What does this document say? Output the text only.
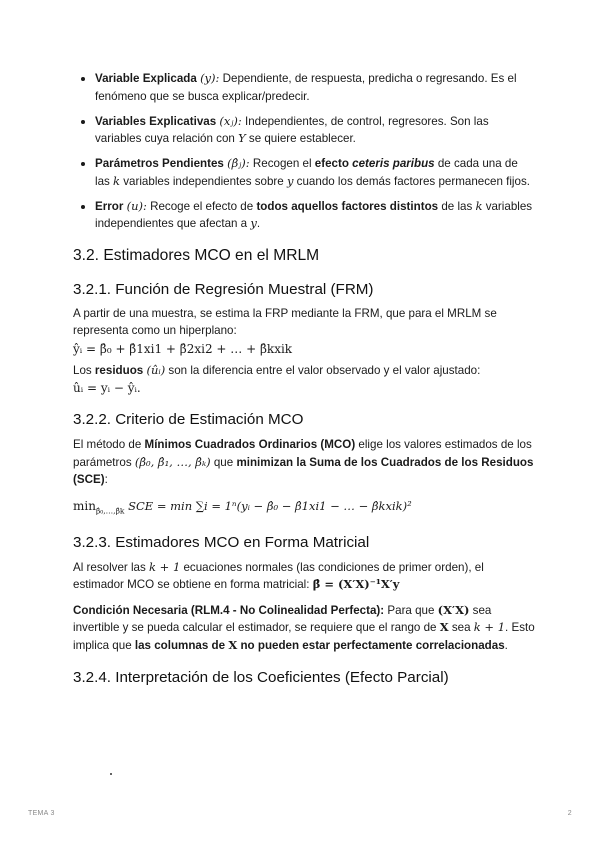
Variable Explicada (y): Dependiente, de respuesta, predicha o regresando. Es el fenómeno que se busca explicar/predecir.
Variables Explicativas (xⱼ): Independientes, de control, regresores. Son las variables cuya relación con Y se quiere establecer.
Parámetros Pendientes (β̂ⱼ): Recogen el efecto ceteris paribus de cada una de las k variables independientes sobre y cuando los demás factores permanecen fijos.
Error (u): Recoge el efecto de todos aquellos factores distintos de las k variables independientes que afectan a y.
3.2. Estimadores MCO en el MRLM
3.2.1. Función de Regresión Muestral (FRM)

A partir de una muestra, se estima la FRP mediante la FRM, que para el MRLM se representa como un hiperplano:

ŷᵢ = β̂₀ + β̂1xi1 + β̂2xi2 + … + β̂kxik

Los residuos (ûᵢ) son la diferencia entre el valor observado y el valor ajustado:

ûᵢ = yᵢ − ŷᵢ.

3.2.2. Criterio de Estimación MCO

El método de Mínimos Cuadrados Ordinarios (MCO) elige los valores estimados de los parámetros (β̂₀, β̂₁, …, β̂ₖ) que minimizan la Suma de los Cuadrados de los Residuos (SCE):

$\min_{\betâ_0,\dots,\betâk}$ SCE = min ∑i = 1ⁿ(yᵢ − β̂₀ − β̂1xi1 − … − β̂kxik)²

3.2.3. Estimadores MCO en Forma Matricial

Al resolver las k + 1 ecuaciones normales (las condiciones de primer orden), el estimador MCO se obtiene en forma matricial: β̂ = (X′X)⁻¹X′y

Condición Necesaria (RLM.4 - No Colinealidad Perfecta): Para que (X′X) sea invertible y se pueda calcular el estimador, se requiere que el rango de X sea k + 1. Esto implica que las columnas de X no pueden estar perfectamente correlacionadas.

3.2.4. Interpretación de los Coeficientes (Efecto Parcial)
TEMA 3	2
